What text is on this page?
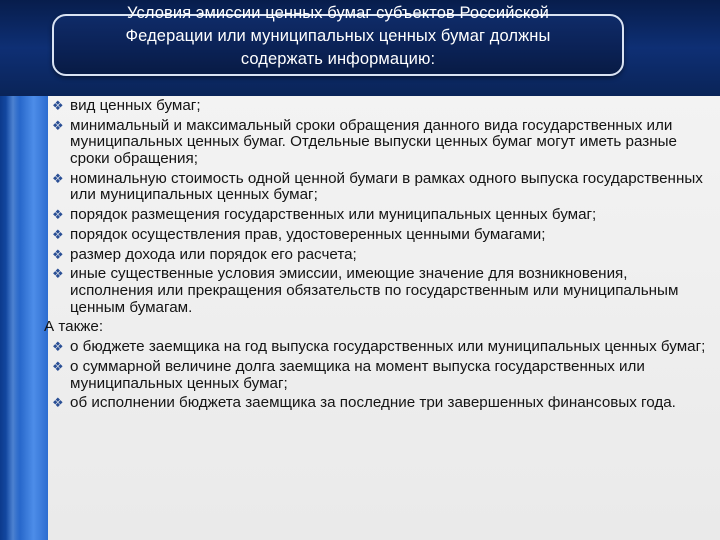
Условия эмиссии ценных бумаг субъектов Российской
Федерации или муниципальных ценных бумаг должны
содержать информацию:
❖ вид ценных бумаг;
❖ минимальный и максимальный сроки обращения данного вида государственных или муниципальных ценных бумаг. Отдельные выпуски ценных бумаг могут иметь разные сроки обращения;
❖ номинальную стоимость одной ценной бумаги в рамках одного выпуска государственных или муниципальных ценных бумаг;
❖ порядок размещения государственных или муниципальных ценных бумаг;
❖ порядок осуществления прав, удостоверенных ценными бумагами;
❖ размер дохода или порядок его расчета;
❖ иные существенные условия эмиссии, имеющие значение для возникновения, исполнения или прекращения обязательств по государственным или муниципальным ценным бумагам.
А также:
❖ о бюджете заемщика на год выпуска государственных или муниципальных ценных бумаг;
❖ о суммарной величине долга заемщика на момент выпуска государственных или муниципальных ценных бумаг;
❖ об исполнении бюджета заемщика за последние три завершенных финансовых года.
